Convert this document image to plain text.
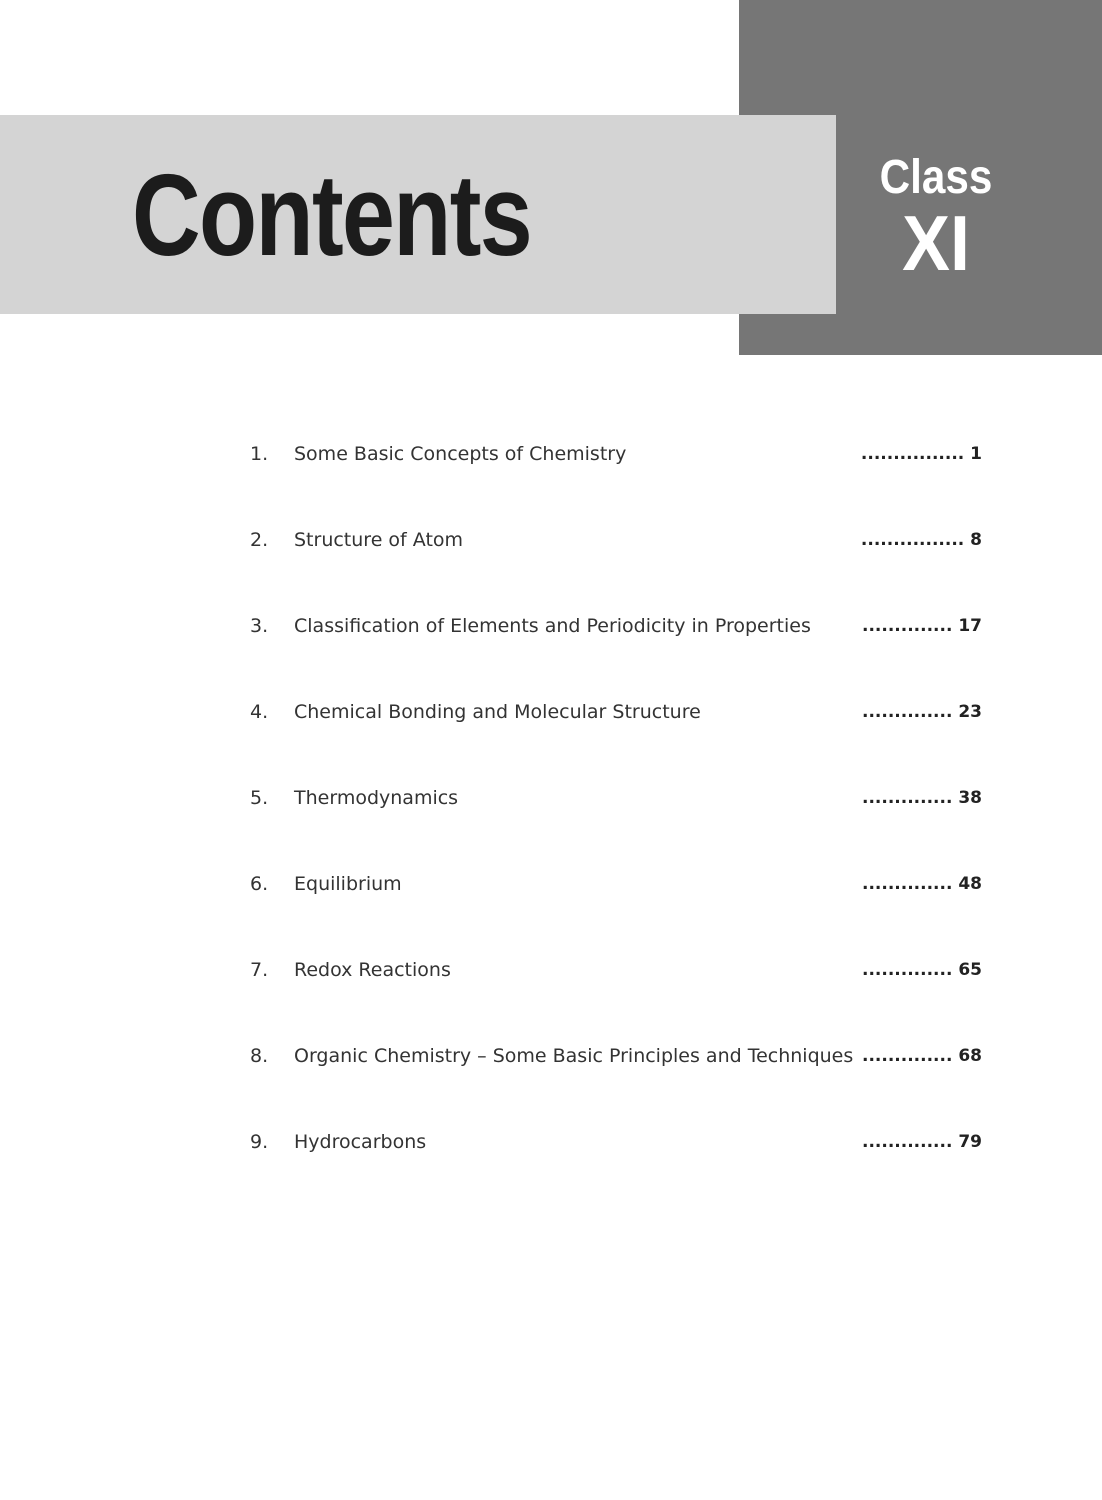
Contents	Class
XI
1. Some Basic Concepts of Chemistry	................ 1
2. Structure of Atom	................ 8
3. Classification of Elements and Periodicity in Properties	.............. 17
4. Chemical Bonding and Molecular Structure	.............. 23
5. Thermodynamics	.............. 38
6. Equilibrium	.............. 48
7. Redox Reactions	.............. 65
8. Organic Chemistry – Some Basic Principles and Techniques .............. 68
9. Hydrocarbons	.............. 79
